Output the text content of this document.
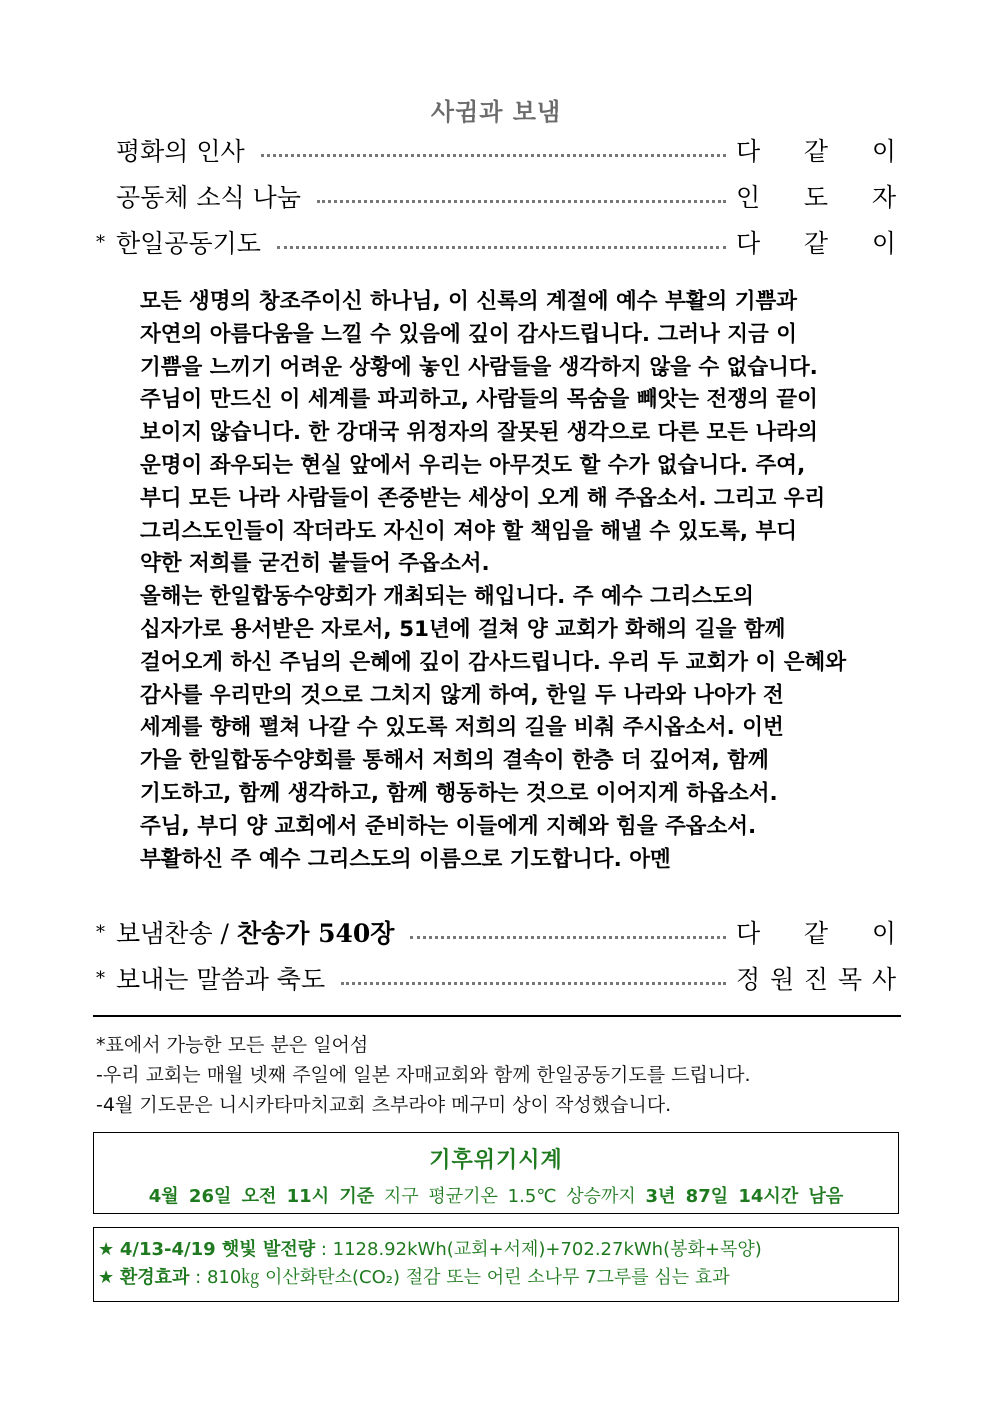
사귐과 보냄
평화의 인사	다 같 이
공동체 소식 나눔	인 도 자
* 한일공동기도	다 같 이
모든 생명의 창조주이신 하나님, 이 신록의 계절에 예수 부활의 기쁨과
자연의 아름다움을 느낄 수 있음에 깊이 감사드립니다. 그러나 지금 이
기쁨을 느끼기 어려운 상황에 놓인 사람들을 생각하지 않을 수 없습니다.
주님이 만드신 이 세계를 파괴하고, 사람들의 목숨을 빼앗는 전쟁의 끝이
보이지 않습니다. 한 강대국 위정자의 잘못된 생각으로 다른 모든 나라의
운명이 좌우되는 현실 앞에서 우리는 아무것도 할 수가 없습니다. 주여,
부디 모든 나라 사람들이 존중받는 세상이 오게 해 주옵소서. 그리고 우리
그리스도인들이 작더라도 자신이 져야 할 책임을 해낼 수 있도록, 부디
약한 저희를 굳건히 붙들어 주옵소서.
올해는 한일합동수양회가 개최되는 해입니다. 주 예수 그리스도의
십자가로 용서받은 자로서, 51년에 걸쳐 양 교회가 화해의 길을 함께
걸어오게 하신 주님의 은혜에 깊이 감사드립니다. 우리 두 교회가 이 은혜와
감사를 우리만의 것으로 그치지 않게 하여, 한일 두 나라와 나아가 전
세계를 향해 펼쳐 나갈 수 있도록 저희의 길을 비춰 주시옵소서. 이번
가을 한일합동수양회를 통해서 저희의 결속이 한층 더 깊어져, 함께
기도하고, 함께 생각하고, 함께 행동하는 것으로 이어지게 하옵소서.
주님, 부디 양 교회에서 준비하는 이들에게 지혜와 힘을 주옵소서.
부활하신 주 예수 그리스도의 이름으로 기도합니다. 아멘
* 보냄찬송 / 찬송가 540장	다 같 이
* 보내는 말씀과 축도	정 원 진 목 사
*표에서 가능한 모든 분은 일어섬
-우리 교회는 매월 넷째 주일에 일본 자매교회와 함께 한일공동기도를 드립니다.
-4월 기도문은 니시카타마치교회 츠부라야 메구미 상이 작성했습니다.
기후위기시계
4월 26일 오전 11시 기준 지구 평균기온 1.5℃ 상승까지 3년 87일 14시간 남음
★ 4/13-4/19 햇빛 발전량 : 1128.92kWh(교회+서제)+702.27kWh(봉화+목양)
★ 환경효과 : 810㎏ 이산화탄소(CO₂) 절감 또는 어린 소나무 7그루를 심는 효과
